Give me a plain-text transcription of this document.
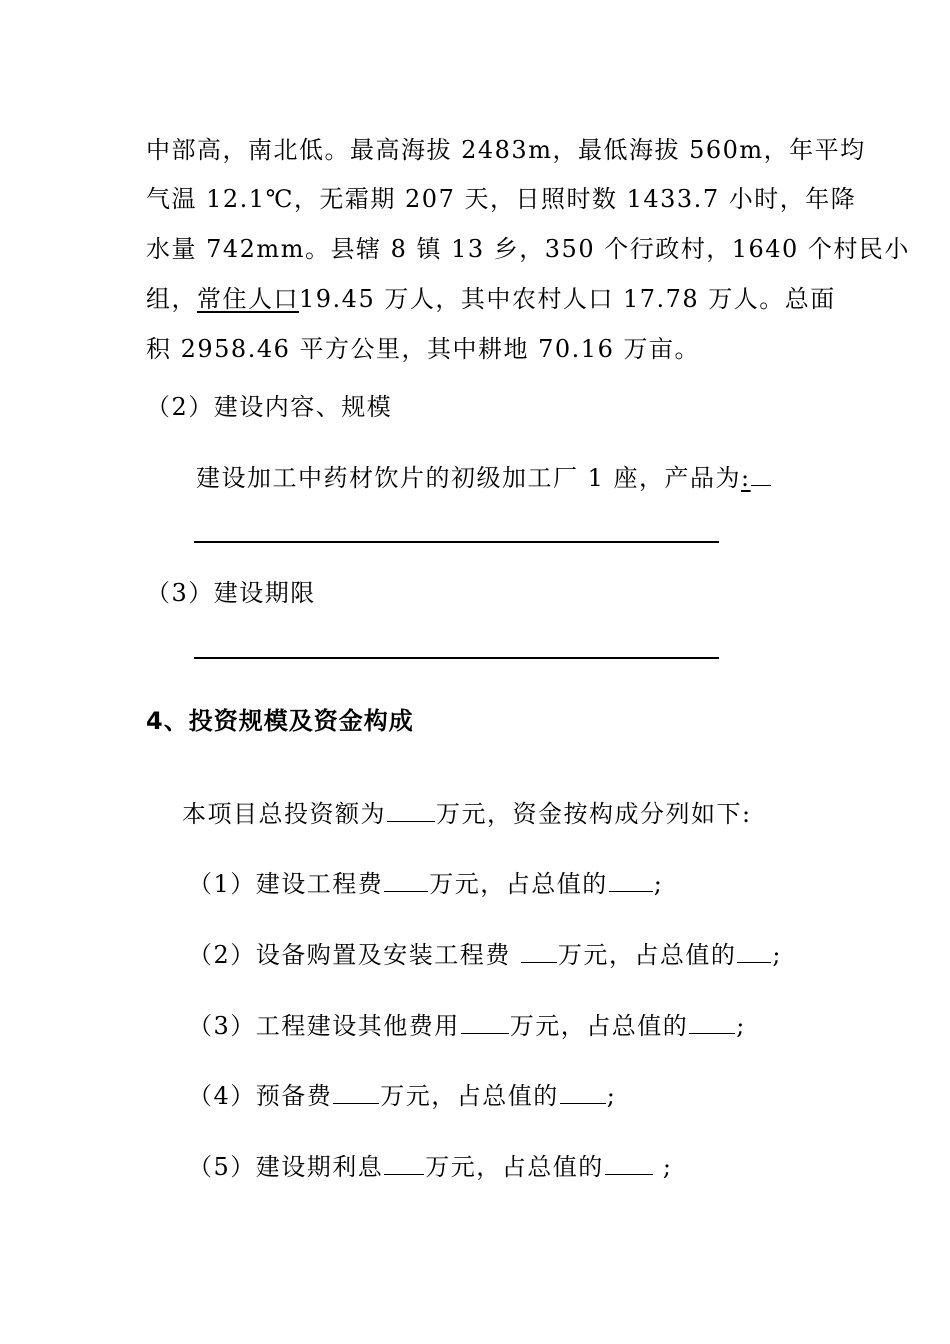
中部高，南北低。最高海拔 2483m，最低海拔 560m，年平均
气温 12.1℃，无霜期 207 天，日照时数 1433.7 小时，年降
水量 742mm。县辖 8 镇 13 乡，350 个行政村，1640 个村民小
组，常住人口19.45 万人，其中农村人口 17.78 万人。总面
积 2958.46 平方公里，其中耕地 70.16 万亩。
（2）建设内容、规模
建设加工中药材饮片的初级加工厂 1 座，产品为:
（3）建设期限
4、投资规模及资金构成
本项目总投资额为 万元，资金按构成分列如下:
（1）建设工程费 万元，占总值的 ;
（2）设备购置及安装工程费 万元，占总值的 ;
（3）工程建设其他费用 万元，占总值的 ;
（4）预备费 万元，占总值的 ;
（5）建设期利息 万元，占总值的 ;
